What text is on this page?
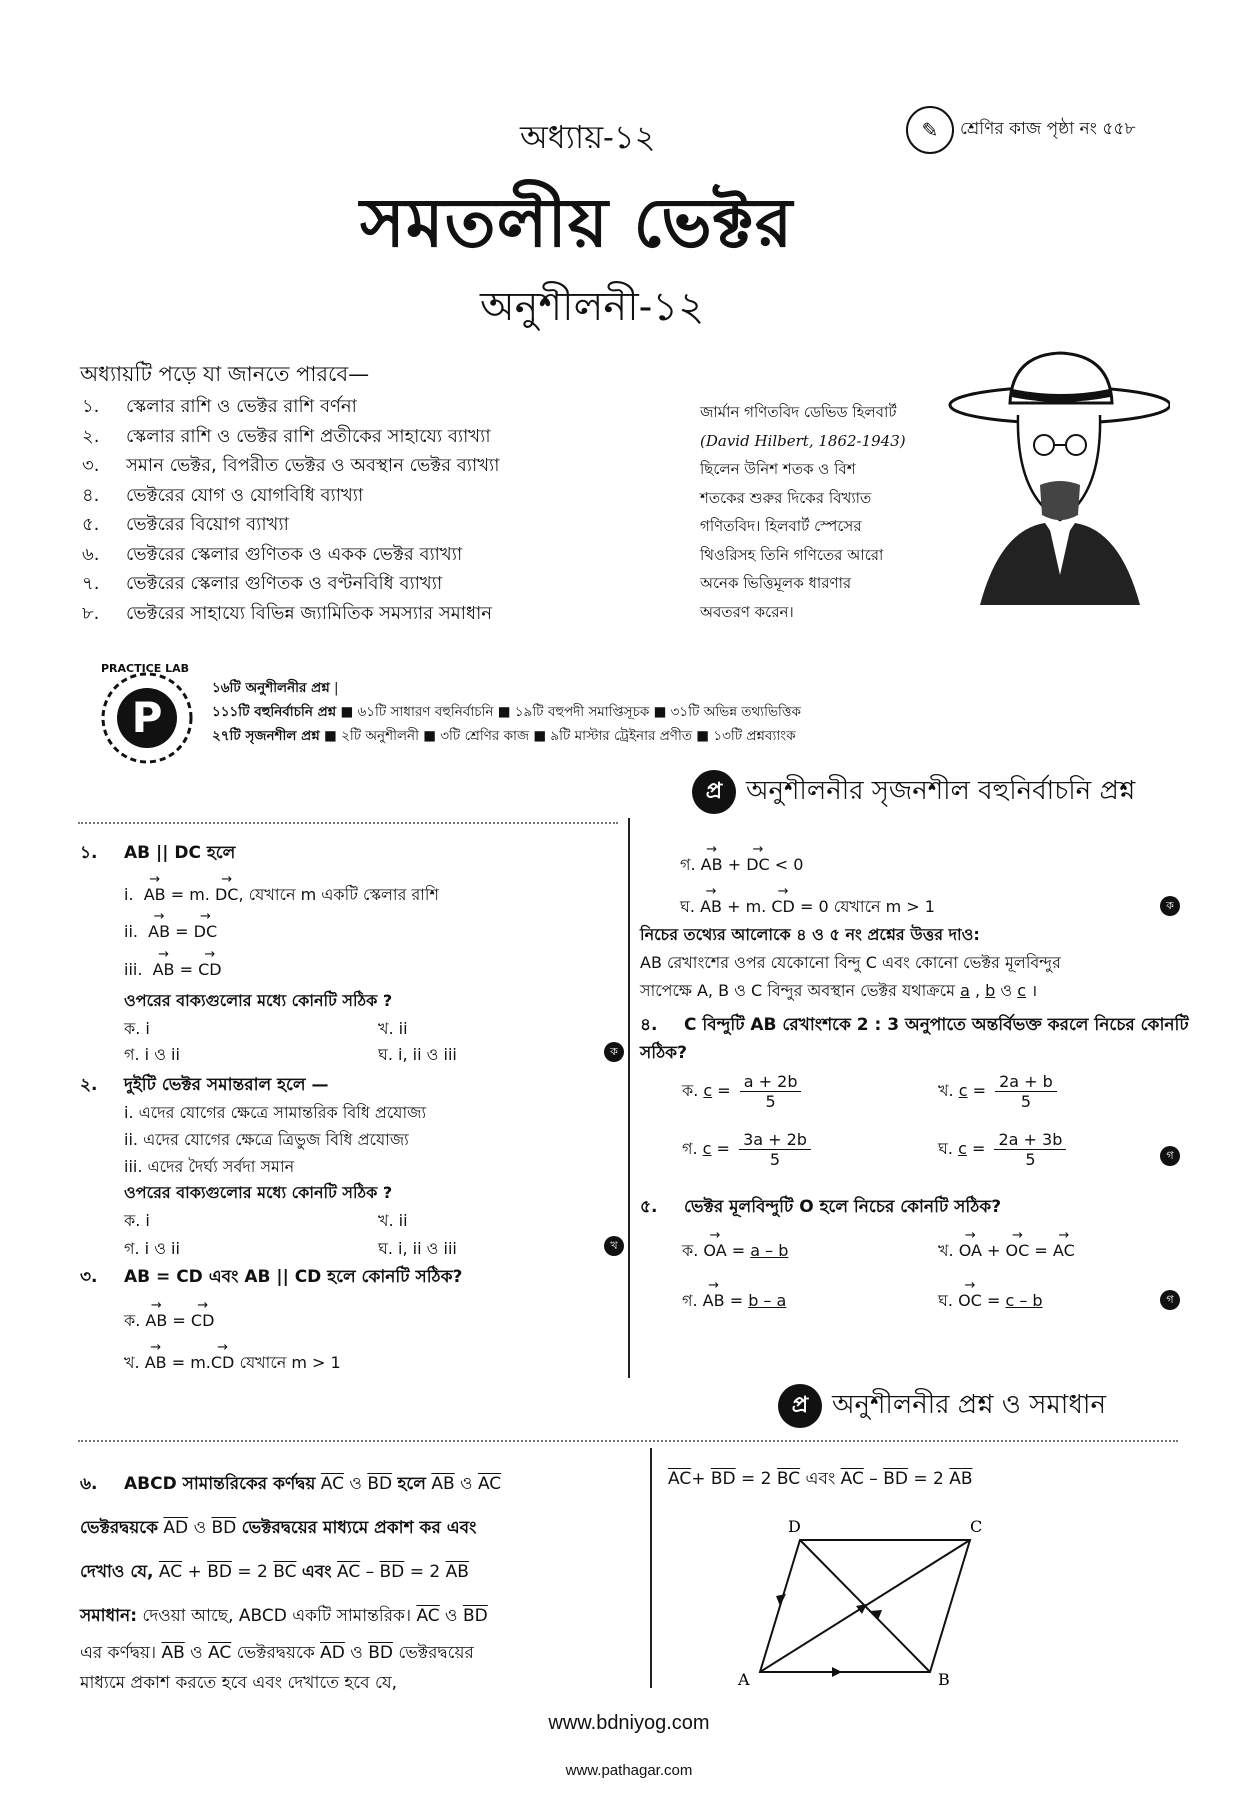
অধ্যায়-১২	✎	শ্রেণির কাজ পৃষ্ঠা নং ৫৫৮
সমতলীয় ভেক্টর
অনুশীলনী-১২
অধ্যায়টি পড়ে যা জানতে পারবে—
১.	স্কেলার রাশি ও ভেক্টর রাশি বর্ণনা
২.	স্কেলার রাশি ও ভেক্টর রাশি প্রতীকের সাহায্যে ব্যাখ্যা
৩.	সমান ভেক্টর, বিপরীত ভেক্টর ও অবস্থান ভেক্টর ব্যাখ্যা
৪.	ভেক্টরের যোগ ও যোগবিধি ব্যাখ্যা
৫.	ভেক্টরের বিয়োগ ব্যাখ্যা
৬.	ভেক্টরের স্কেলার গুণিতক ও একক ভেক্টর ব্যাখ্যা
৭.	ভেক্টরের স্কেলার গুণিতক ও বণ্টনবিধি ব্যাখ্যা
৮.	ভেক্টরের সাহায্যে বিভিন্ন জ্যামিতিক সমস্যার সমাধান
জার্মান গণিতবিদ ডেভিড হিলবার্ট
(David Hilbert, 1862-1943)
ছিলেন উনিশ শতক ও বিশ
শতকের শুরুর দিকের বিখ্যাত
গণিতবিদ। হিলবার্ট স্পেসের
থিওরিসহ তিনি গণিতের আরো
অনেক ভিত্তিমূলক ধারণার
অবতরণ করেন।
P
PRACTICE LAB
১৬টি অনুশীলনীর প্রশ্ন |
১১১টি বহুনির্বাচনি প্রশ্ন ■ ৬১টি সাধারণ বহুনির্বাচনি ■ ১৯টি বহুপদী সমাপ্তিসূচক ■ ৩১টি অভিন্ন তথ্যভিত্তিক
২৭টি সৃজনশীল প্রশ্ন ■ ২টি অনুশীলনী ■ ৩টি শ্রেণির কাজ ■ ৯টি মাস্টার ট্রেইনার প্রণীত ■ ১৩টি প্রশ্নব্যাংক
প্র অনুশীলনীর সৃজনশীল বহুনির্বাচনি প্রশ্ন
১. AB || DC হলে
i. → AB = m. → DC, যেখানে m একটি স্কেলার রাশি
ii. → AB = → DC
iii. → AB = → CD
ওপরের বাক্যগুলোর মধ্যে কোনটি সঠিক ?
ক. i	খ. ii
গ. i ও ii	ঘ. i, ii ও iii	ক
২. দুইটি ভেক্টর সমান্তরাল হলে —
i. এদের যোগের ক্ষেত্রে সামান্তরিক বিধি প্রযোজ্য
ii. এদের যোগের ক্ষেত্রে ত্রিভুজ বিধি প্রযোজ্য
iii. এদের দৈর্ঘ্য সর্বদা সমান
ওপরের বাক্যগুলোর মধ্যে কোনটি সঠিক ?
ক. i	খ. ii
গ. i ও ii	ঘ. i, ii ও iii	খ
৩. AB = CD এবং AB || CD হলে কোনটি সঠিক?
ক. → AB = → CD
খ. → AB = m.→ CD যেখানে m > 1
গ. → AB + → DC < 0
ঘ. → AB + m. → CD = 0 যেখানে m > 1	ক
নিচের তথ্যের আলোকে ৪ ও ৫ নং প্রশ্নের উত্তর দাও:
AB রেখাংশের ওপর যেকোনো বিন্দু C এবং কোনো ভেক্টর মূলবিন্দুর
সাপেক্ষে A, B ও C বিন্দুর অবস্থান ভেক্টর যথাক্রমে a , b ও c ।
৪. C বিন্দুটি AB রেখাংশকে 2 : 3 অনুপাতে অন্তর্বিভক্ত করলে নিচের কোনটি সঠিক?
ক. $c = \frac{a + 2b}{5}$	খ. $c = \frac{2a + b}{5}$
গ. $c = \frac{3a + 2b}{5}$	ঘ. $c = \frac{2a + 3b}{5}$	গ
৫. ভেক্টর মূলবিন্দুটি O হলে নিচের কোনটি সঠিক?
ক. → OA = a – b	খ. → OA + → OC = → AC
গ. → AB = b – a	ঘ. → OC = c – b	গ
প্র অনুশীলনীর প্রশ্ন ও সমাধান
৬. ABCD সামান্তরিকের কর্ণদ্বয় $\overline{AC}$ ও $\overline{BD}$ হলে $\overline{AB}$ ও $\overline{AC}$
ভেক্টরদ্বয়কে $\overline{AD}$ ও $\overline{BD}$ ভেক্টরদ্বয়ের মাধ্যমে প্রকাশ কর এবং
দেখাও যে, $\overline{AC} + \overline{BD} = 2$ $\overline{BC}$ এবং $\overline{AC} - \overline{BD} = 2$ $\overline{AB}$
সমাধান: দেওয়া আছে, ABCD একটি সামান্তরিক। $\overline{AC}$ ও $\overline{BD}$
এর কর্ণদ্বয়। $\overline{AB}$ ও $\overline{AC}$ ভেক্টরদ্বয়কে $\overline{AD}$ ও $\overline{BD}$ ভেক্টরদ্বয়ের
মাধ্যমে প্রকাশ করতে হবে এবং দেখাতে হবে যে,
$\overline{AC}+ \overline{BD} = 2$ $\overline{BC}$ এবং $\overline{AC} - \overline{BD} = 2$ $\overline{AB}$
A	B
C
D
www.bdniyog.com
www.pathagar.com
